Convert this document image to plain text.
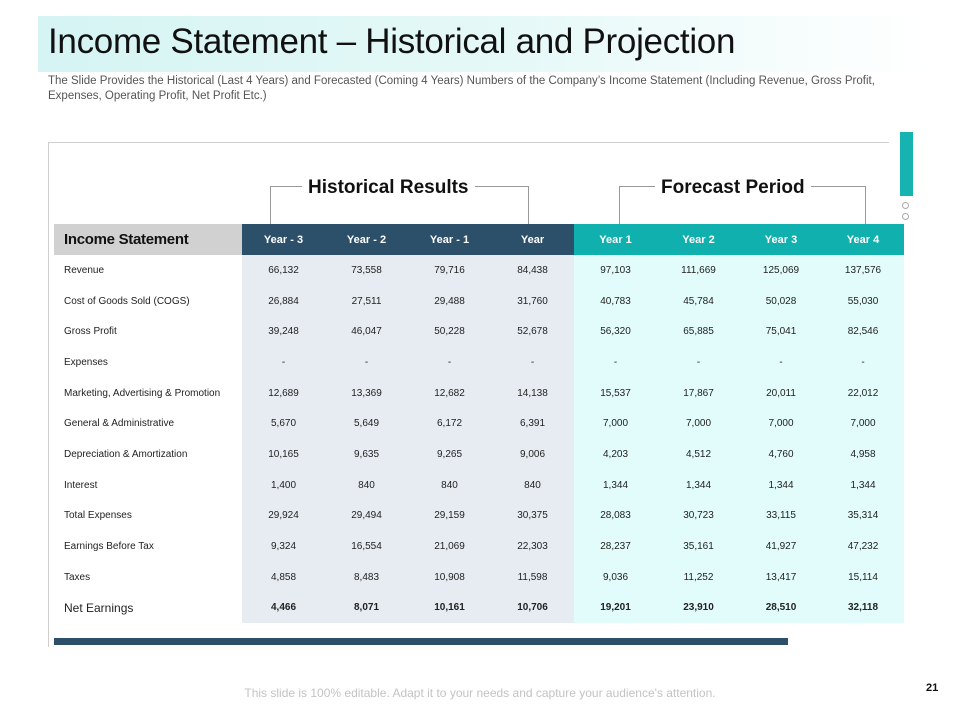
Income Statement – Historical and Projection
The Slide Provides the Historical (Last 4 Years) and Forecasted (Coming 4 Years) Numbers of the Company’s Income Statement (Including Revenue, Gross Profit, Expenses, Operating Profit, Net Profit Etc.)
Historical Results	Forecast Period
Income Statement	Year - 3	Year - 2	Year - 1	Year	Year 1	Year 2	Year 3	Year 4
Revenue	66,132	73,558	79,716	84,438	97,103	111,669	125,069	137,576
Cost of Goods Sold (COGS)	26,884	27,511	29,488	31,760	40,783	45,784	50,028	55,030
Gross Profit	39,248	46,047	50,228	52,678	56,320	65,885	75,041	82,546
Expenses	-	-	-	-	-	-	-	-
Marketing, Advertising & Promotion	12,689	13,369	12,682	14,138	15,537	17,867	20,011	22,012
General & Administrative	5,670	5,649	6,172	6,391	7,000	7,000	7,000	7,000
Depreciation & Amortization	10,165	9,635	9,265	9,006	4,203	4,512	4,760	4,958
Interest	1,400	840	840	840	1,344	1,344	1,344	1,344
Total Expenses	29,924	29,494	29,159	30,375	28,083	30,723	33,115	35,314
Earnings Before Tax	9,324	16,554	21,069	22,303	28,237	35,161	41,927	47,232
Taxes	4,858	8,483	10,908	11,598	9,036	11,252	13,417	15,114
Net Earnings	4,466	8,071	10,161	10,706	19,201	23,910	28,510	32,118
This slide is 100% editable. Adapt it to your needs and capture your audience's attention.	21
